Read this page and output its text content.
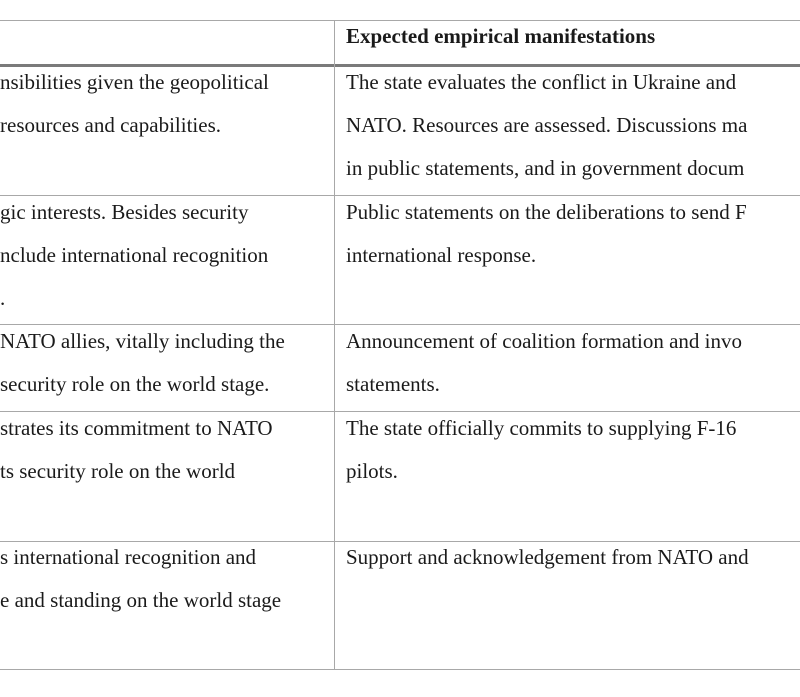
Expected empirical manifestations
nsibilities given the geopolitical
resources and capabilities.
The state evaluates the conflict in Ukraine and
NATO. Resources are assessed. Discussions ma
in public statements, and in government docum
gic interests. Besides security
nclude international recognition
.
Public statements on the deliberations to send F
international response.
NATO allies, vitally including the
security role on the world stage.
Announcement of coalition formation and invo
statements.
strates its commitment to NATO
ts security role on the world
The state officially commits to supplying F-16
pilots.
s international recognition and
e and standing on the world stage
Support and acknowledgement from NATO and
